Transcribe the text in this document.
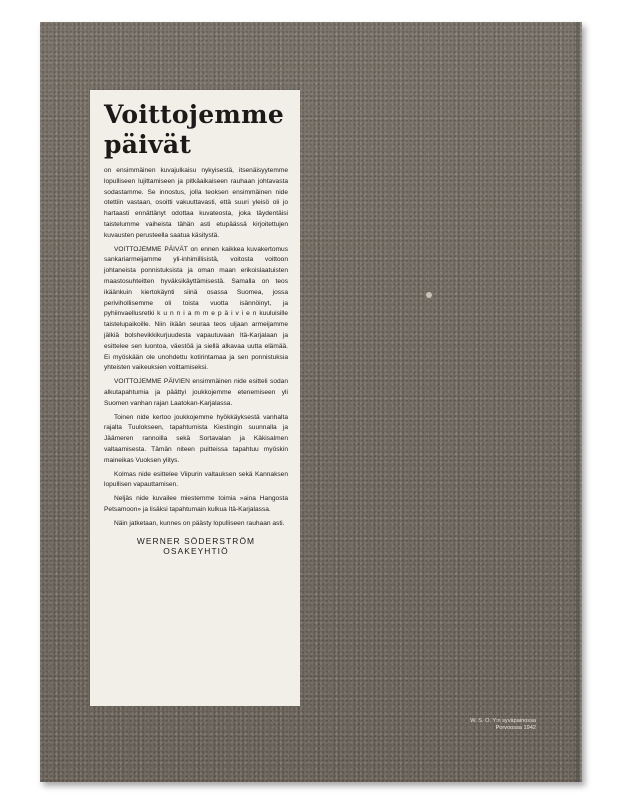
Voittojemme
päivät

on ensimmäinen kuvajulkaisu nykyisestä, itsenäisyytemme lopulliseen lujittamiseen ja pitkäaikaiseen rauhaan johtavasta sodastamme. Se innostus, jolla teoksen ensimmäinen nide otettiin vastaan, osoitti vakuuttavasti, että suuri yleisö oli jo hartaasti ennättänyt odottaa kuvateosta, joka täydentäisi taistelumme vaiheista tähän asti etupäässä kirjoitettujen kuvausten perusteella saatua käsitystä.

VOITTOJEMME PÄIVÄT on ennen kaikkea kuvakertomus sankariarmeijamme yli-inhimillisistä, voitosta voittoon johtaneista ponnistuksista ja oman maan erikoislaatuisten maastosuhteitten hyväksikäyttämisestä. Samalla on teos ikäänkuin kiertokäynti siinä osassa Suomea, jossa perivihollisemme oli toista vuotta isännöinyt, ja pyhiinvaellusretki k u n n i a m m e p ä i v i e n kuuluisille taistelupaikoille. Niin ikään seuraa teos uljaan armeijamme jälkiä bolshevikkikurjuudesta vapautuvaan Itä-Karjalaan ja esittelee sen luontoa, väestöä ja siellä alkavaa uutta elämää. Ei myöskään ole unohdettu kotirintamaa ja sen ponnistuksia yhteisten vaikeuksien voittamiseksi.

VOITTOJEMME PÄIVIEN ensimmäinen nide esitteli sodan alkutapahtumia ja päättyi joukkojemme etenemiseen yli Suomen vanhan rajan Laatokan-Karjalassa.

Toinen nide kertoo joukkojemme hyökkäyksestä vanhalta rajalta Tuulokseen, tapahtumista Kiestingin suunnalla ja Jäämeren rannoilla sekä Sortavalan ja Käkisalmen valtaamisesta. Tämän niteen puitteissa tapahtuu myöskin maineikas Vuoksen ylitys.

Kolmas nide esittelee Viipurin valtauksen sekä Kannaksen lopullisen vapauttamisen.

Neljäs nide kuvailee miestemme toimia »aina Hangosta Petsamoon» ja lisäksi tapahtumain kulkua Itä-Karjalassa.

Näin jatketaan, kunnes on päästy lopulliseen rauhaan asti.

WERNER SÖDERSTRÖM OSAKEYHTIÖ
W. S. O. Y:n syväpainossa
Porvoossa 1942
